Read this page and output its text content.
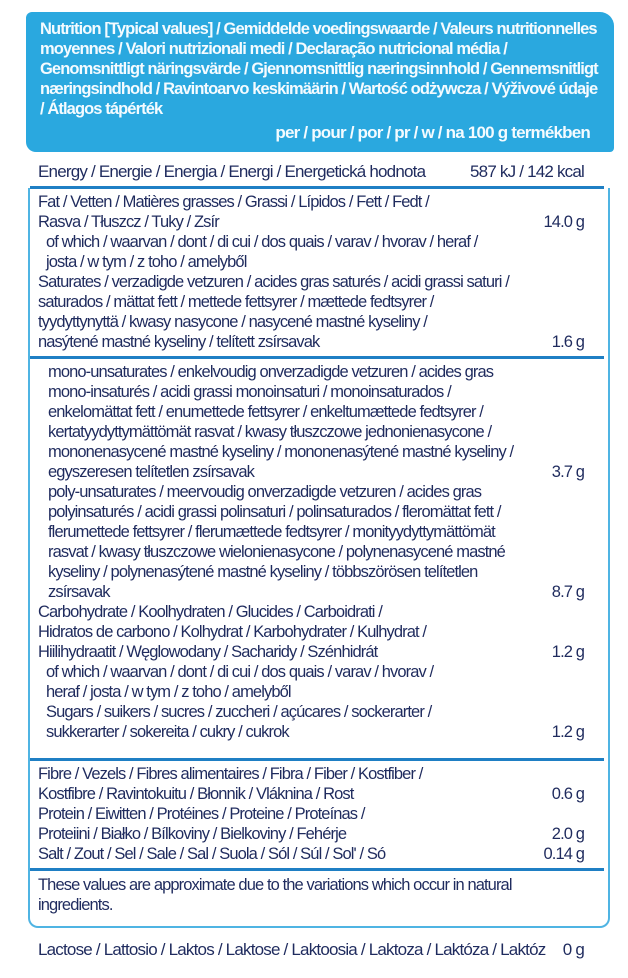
Nutrition [Typical values] / Gemiddelde voedingswaarde / Valeurs nutritionnelles moyennes / Valori nutrizionali medi / Declaração nutricional média / Genomsnittligt näringsvärde / Gjennomsnittlig næringsinnhold / Gennemsnitligt næringsindhold / Ravintoarvo keskimäärin / Wartość odżywcza / Výživové údaje / Átlagos tápérték
per / pour / por / pr / w / na 100 g termékben
Energy / Energie / Energia / Energi / Energetická hodnota	587 kJ / 142 kcal
Fat / Vetten / Matières grasses / Grassi / Lípidos / Fett / Fedt /
Rasva / Tłuszcz / Tuky / Zsír	14.0 g
of which / waarvan / dont / di cui / dos quais / varav / hvorav / heraf /
josta / w tym / z toho / amelyből
Saturates / verzadigde vetzuren / acides gras saturés / acidi grassi saturi /
saturados / mättat fett / mettede fettsyrer / mættede fedtsyrer /
tyydyttynyttä / kwasy nasycone / nasycené mastné kyseliny /
nasýtené mastné kyseliny / telített zsírsavak	1.6 g
mono-unsaturates / enkelvoudig onverzadigde vetzuren / acides gras
mono-insaturés / acidi grassi monoinsaturi / monoinsaturados /
enkelomättat fett / enumettede fettsyrer / enkeltumættede fedtsyrer /
kertatyydyttymättömät rasvat / kwasy tłuszczowe jednonienasycone /
mononenasycené mastné kyseliny / mononenasýtené mastné kyseliny /
egyszeresen telítetlen zsírsavak	3.7 g
poly-unsaturates / meervoudig onverzadigde vetzuren / acides gras
polyinsaturés / acidi grassi polinsaturi / polinsaturados / fleromättat fett /
flerumettede fettsyrer / flerumættede fedtsyrer / monityydyttymättömät
rasvat / kwasy tłuszczowe wielonienasycone / polynenasycené mastné
kyseliny / polynenasýtené mastné kyseliny / többszörösen telítetlen
zsírsavak	8.7 g
Carbohydrate / Koolhydraten / Glucides / Carboidrati /
Hidratos de carbono / Kolhydrat / Karbohydrater / Kulhydrat /
Hiilihydraatit / Węglowodany / Sacharidy / Szénhidrát	1.2 g
of which / waarvan / dont / di cui / dos quais / varav / hvorav /
heraf / josta / w tym / z toho / amelyből
Sugars / suikers / sucres / zuccheri / açúcares / sockerarter /
sukkerarter / sokereita / cukry / cukrok	1.2 g
Fibre / Vezels / Fibres alimentaires / Fibra / Fiber / Kostfiber /
Kostfibre / Ravintokuitu / Błonnik / Vláknina / Rost	0.6 g
Protein / Eiwitten / Protéines / Proteine / Proteínas /
Proteiini / Białko / Bílkoviny / Bielkoviny / Fehérje	2.0 g
Salt / Zout / Sel / Sale / Sal / Suola / Sól / Súl / Sol' / Só	0.14 g
These values are approximate due to the variations which occur in natural
ingredients.
Lactose / Lattosio / Laktos / Laktose / Laktoosia / Laktoza / Laktóza / Laktóz 0 g
